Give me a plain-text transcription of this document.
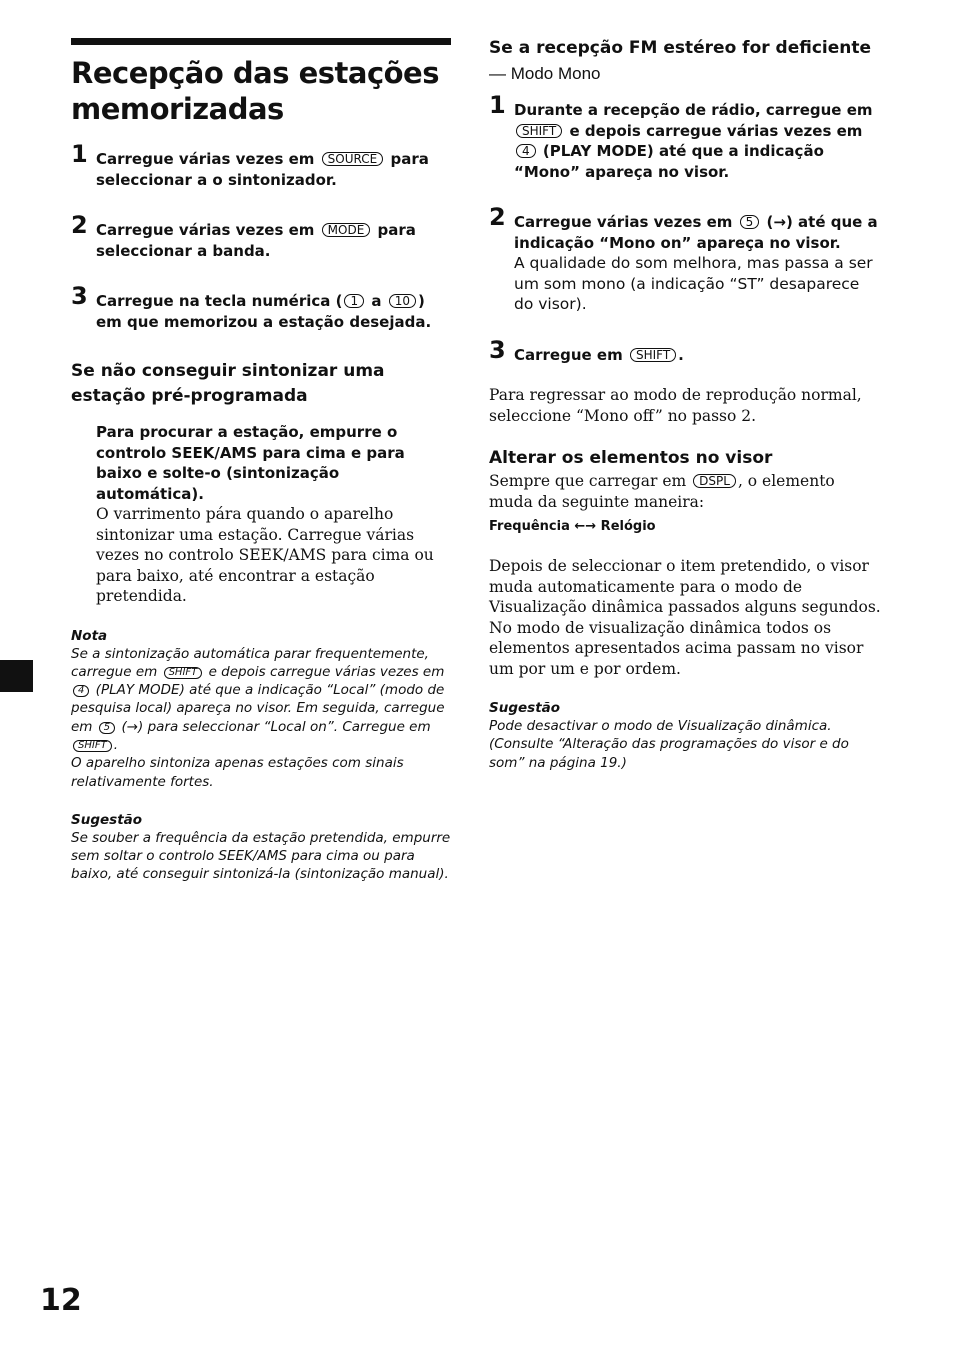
Recepção das estações memorizadas
1 Carregue várias vezes em SOURCE para seleccionar a o sintonizador.
2 Carregue várias vezes em MODE para seleccionar a banda.
3 Carregue na tecla numérica ( 1 a 10 ) em que memorizou a estação desejada.
Se não conseguir sintonizar uma estação pré-programada
Para procurar a estação, empurre o controlo SEEK/AMS para cima e para baixo e solte-o (sintonização automática).
O varrimento pára quando o aparelho sintonizar uma estação. Carregue várias vezes no controlo SEEK/AMS para cima ou para baixo, até encontrar a estação pretendida.
Nota
Se a sintonização automática parar frequentemente, carregue em SHIFT e depois carregue várias vezes em 4 (PLAY MODE) até que a indicação “Local” (modo de pesquisa local) apareça no visor. Em seguida, carregue em 5 (→) para seleccionar “Local on”. Carregue em SHIFT .
O aparelho sintoniza apenas estações com sinais relativamente fortes.
Sugestão
Se souber a frequência da estação pretendida, empurre sem soltar o controlo SEEK/AMS para cima ou para baixo, até conseguir sintonizá-la (sintonização manual).
Se a recepção FM estéreo for deficiente — Modo Mono
1 Durante a recepção de rádio, carregue em SHIFT e depois carregue várias vezes em 4 (PLAY MODE) até que a indicação “Mono” apareça no visor.
2 Carregue várias vezes em 5 (→) até que a indicação “Mono on” apareça no visor.
A qualidade do som melhora, mas passa a ser um som mono (a indicação “ST” desaparece do visor).
3 Carregue em SHIFT .
Para regressar ao modo de reprodução normal, seleccione “Mono off” no passo 2.
Alterar os elementos no visor
Sempre que carregar em DSPL , o elemento muda da seguinte maneira:
Frequência ←→ Relógio
Depois de seleccionar o item pretendido, o visor muda automaticamente para o modo de Visualização dinâmica passados alguns segundos.
No modo de visualização dinâmica todos os elementos apresentados acima passam no visor um por um e por ordem.
Sugestão
Pode desactivar o modo de Visualização dinâmica. (Consulte “Alteração das programações do visor e do som” na página 19.)
12
